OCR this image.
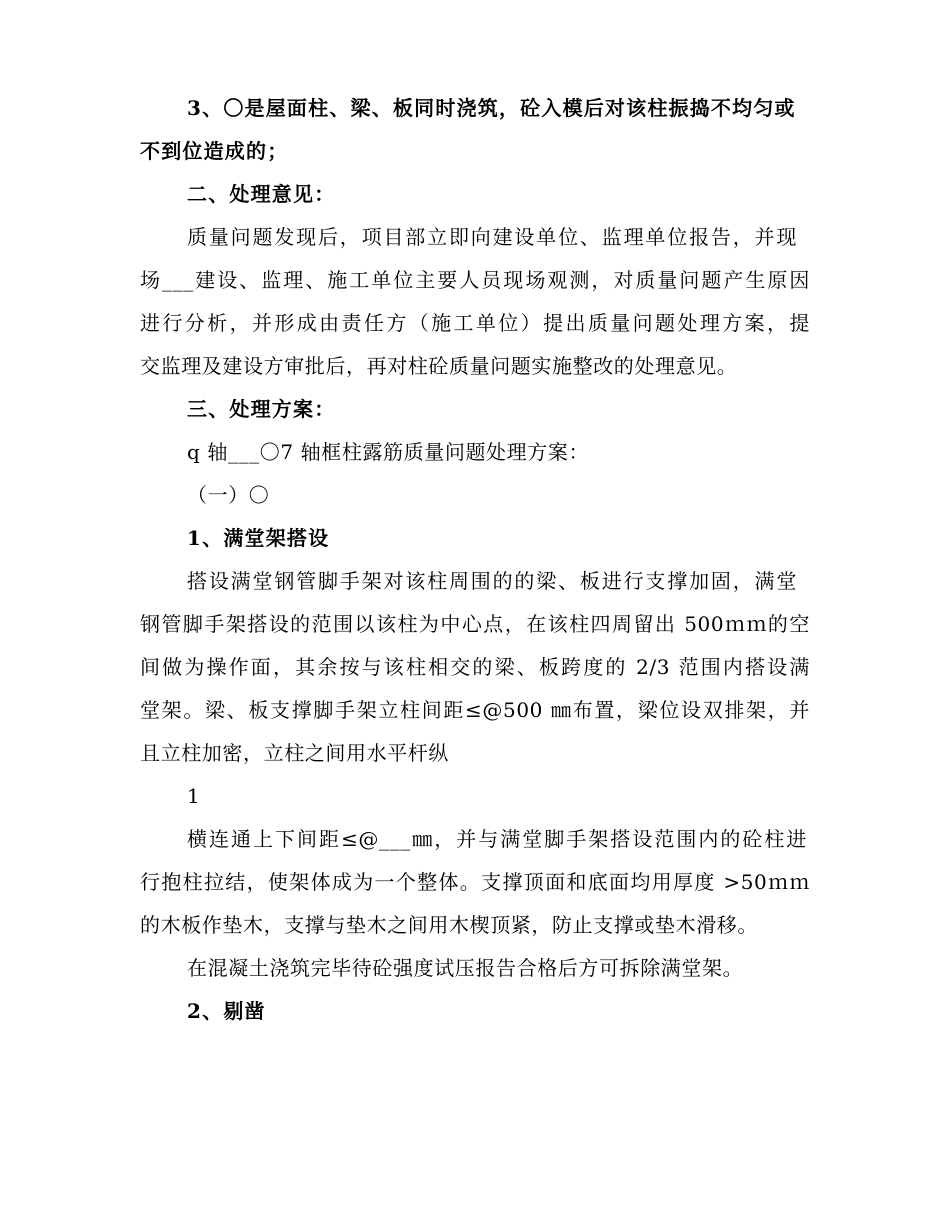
3、〇是屋面柱、梁、板同时浇筑，砼入模后对该柱振捣不均匀或
不到位造成的；
二、处理意见：
质量问题发现后，项目部立即向建设单位、监理单位报告，并现
场___建设、监理、施工单位主要人员现场观测，对质量问题产生原因
进行分析，并形成由责任方（施工单位）提出质量问题处理方案，提
交监理及建设方审批后，再对柱砼质量问题实施整改的处理意见。
三、处理方案：
q 轴___〇7 轴框柱露筋质量问题处理方案：
（一）〇
1、满堂架搭设
搭设满堂钢管脚手架对该柱周围的的梁、板进行支撑加固，满堂
钢管脚手架搭设的范围以该柱为中心点，在该柱四周留出 500ｍｍ的空
间做为操作面，其余按与该柱相交的梁、板跨度的 2/3 范围内搭设满
堂架。梁、板支撑脚手架立柱间距≤@500 ㎜布置，梁位设双排架，并
且立柱加密，立柱之间用水平杆纵
1
横连通上下间距≤@___㎜，并与满堂脚手架搭设范围内的砼柱进
行抱柱拉结，使架体成为一个整体。支撑顶面和底面均用厚度 >50ｍｍ
的木板作垫木，支撑与垫木之间用木楔顶紧，防止支撑或垫木滑移。
在混凝土浇筑完毕待砼强度试压报告合格后方可拆除满堂架。
2、剔凿
